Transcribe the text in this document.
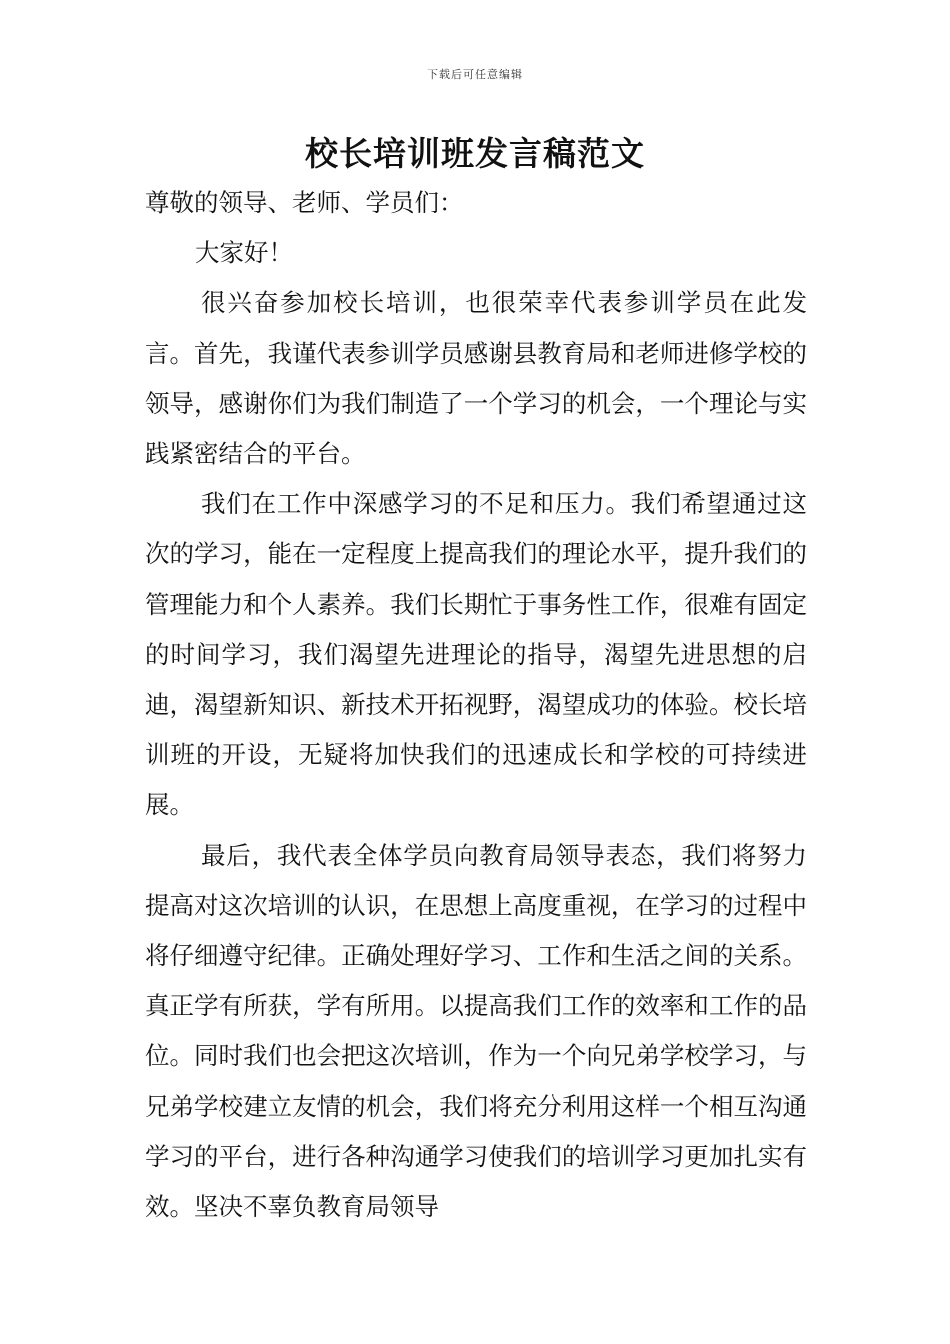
下载后可任意编辑
校长培训班发言稿范文

尊敬的领导、老师、学员们：

大家好！

很兴奋参加校长培训，也很荣幸代表参训学员在此发言。首先，我谨代表参训学员感谢县教育局和老师进修学校的领导，感谢你们为我们制造了一个学习的机会，一个理论与实践紧密结合的平台。

我们在工作中深感学习的不足和压力。我们希望通过这次的学习，能在一定程度上提高我们的理论水平，提升我们的管理能力和个人素养。我们长期忙于事务性工作，很难有固定的时间学习，我们渴望先进理论的指导，渴望先进思想的启迪，渴望新知识、新技术开拓视野，渴望成功的体验。校长培训班的开设，无疑将加快我们的迅速成长和学校的可持续进展。

最后，我代表全体学员向教育局领导表态，我们将努力提高对这次培训的认识，在思想上高度重视，在学习的过程中将仔细遵守纪律。正确处理好学习、工作和生活之间的关系。真正学有所获，学有所用。以提高我们工作的效率和工作的品位。同时我们也会把这次培训，作为一个向兄弟学校学习，与兄弟学校建立友情的机会，我们将充分利用这样一个相互沟通学习的平台，进行各种沟通学习使我们的培训学习更加扎实有效。坚决不辜负教育局领导
